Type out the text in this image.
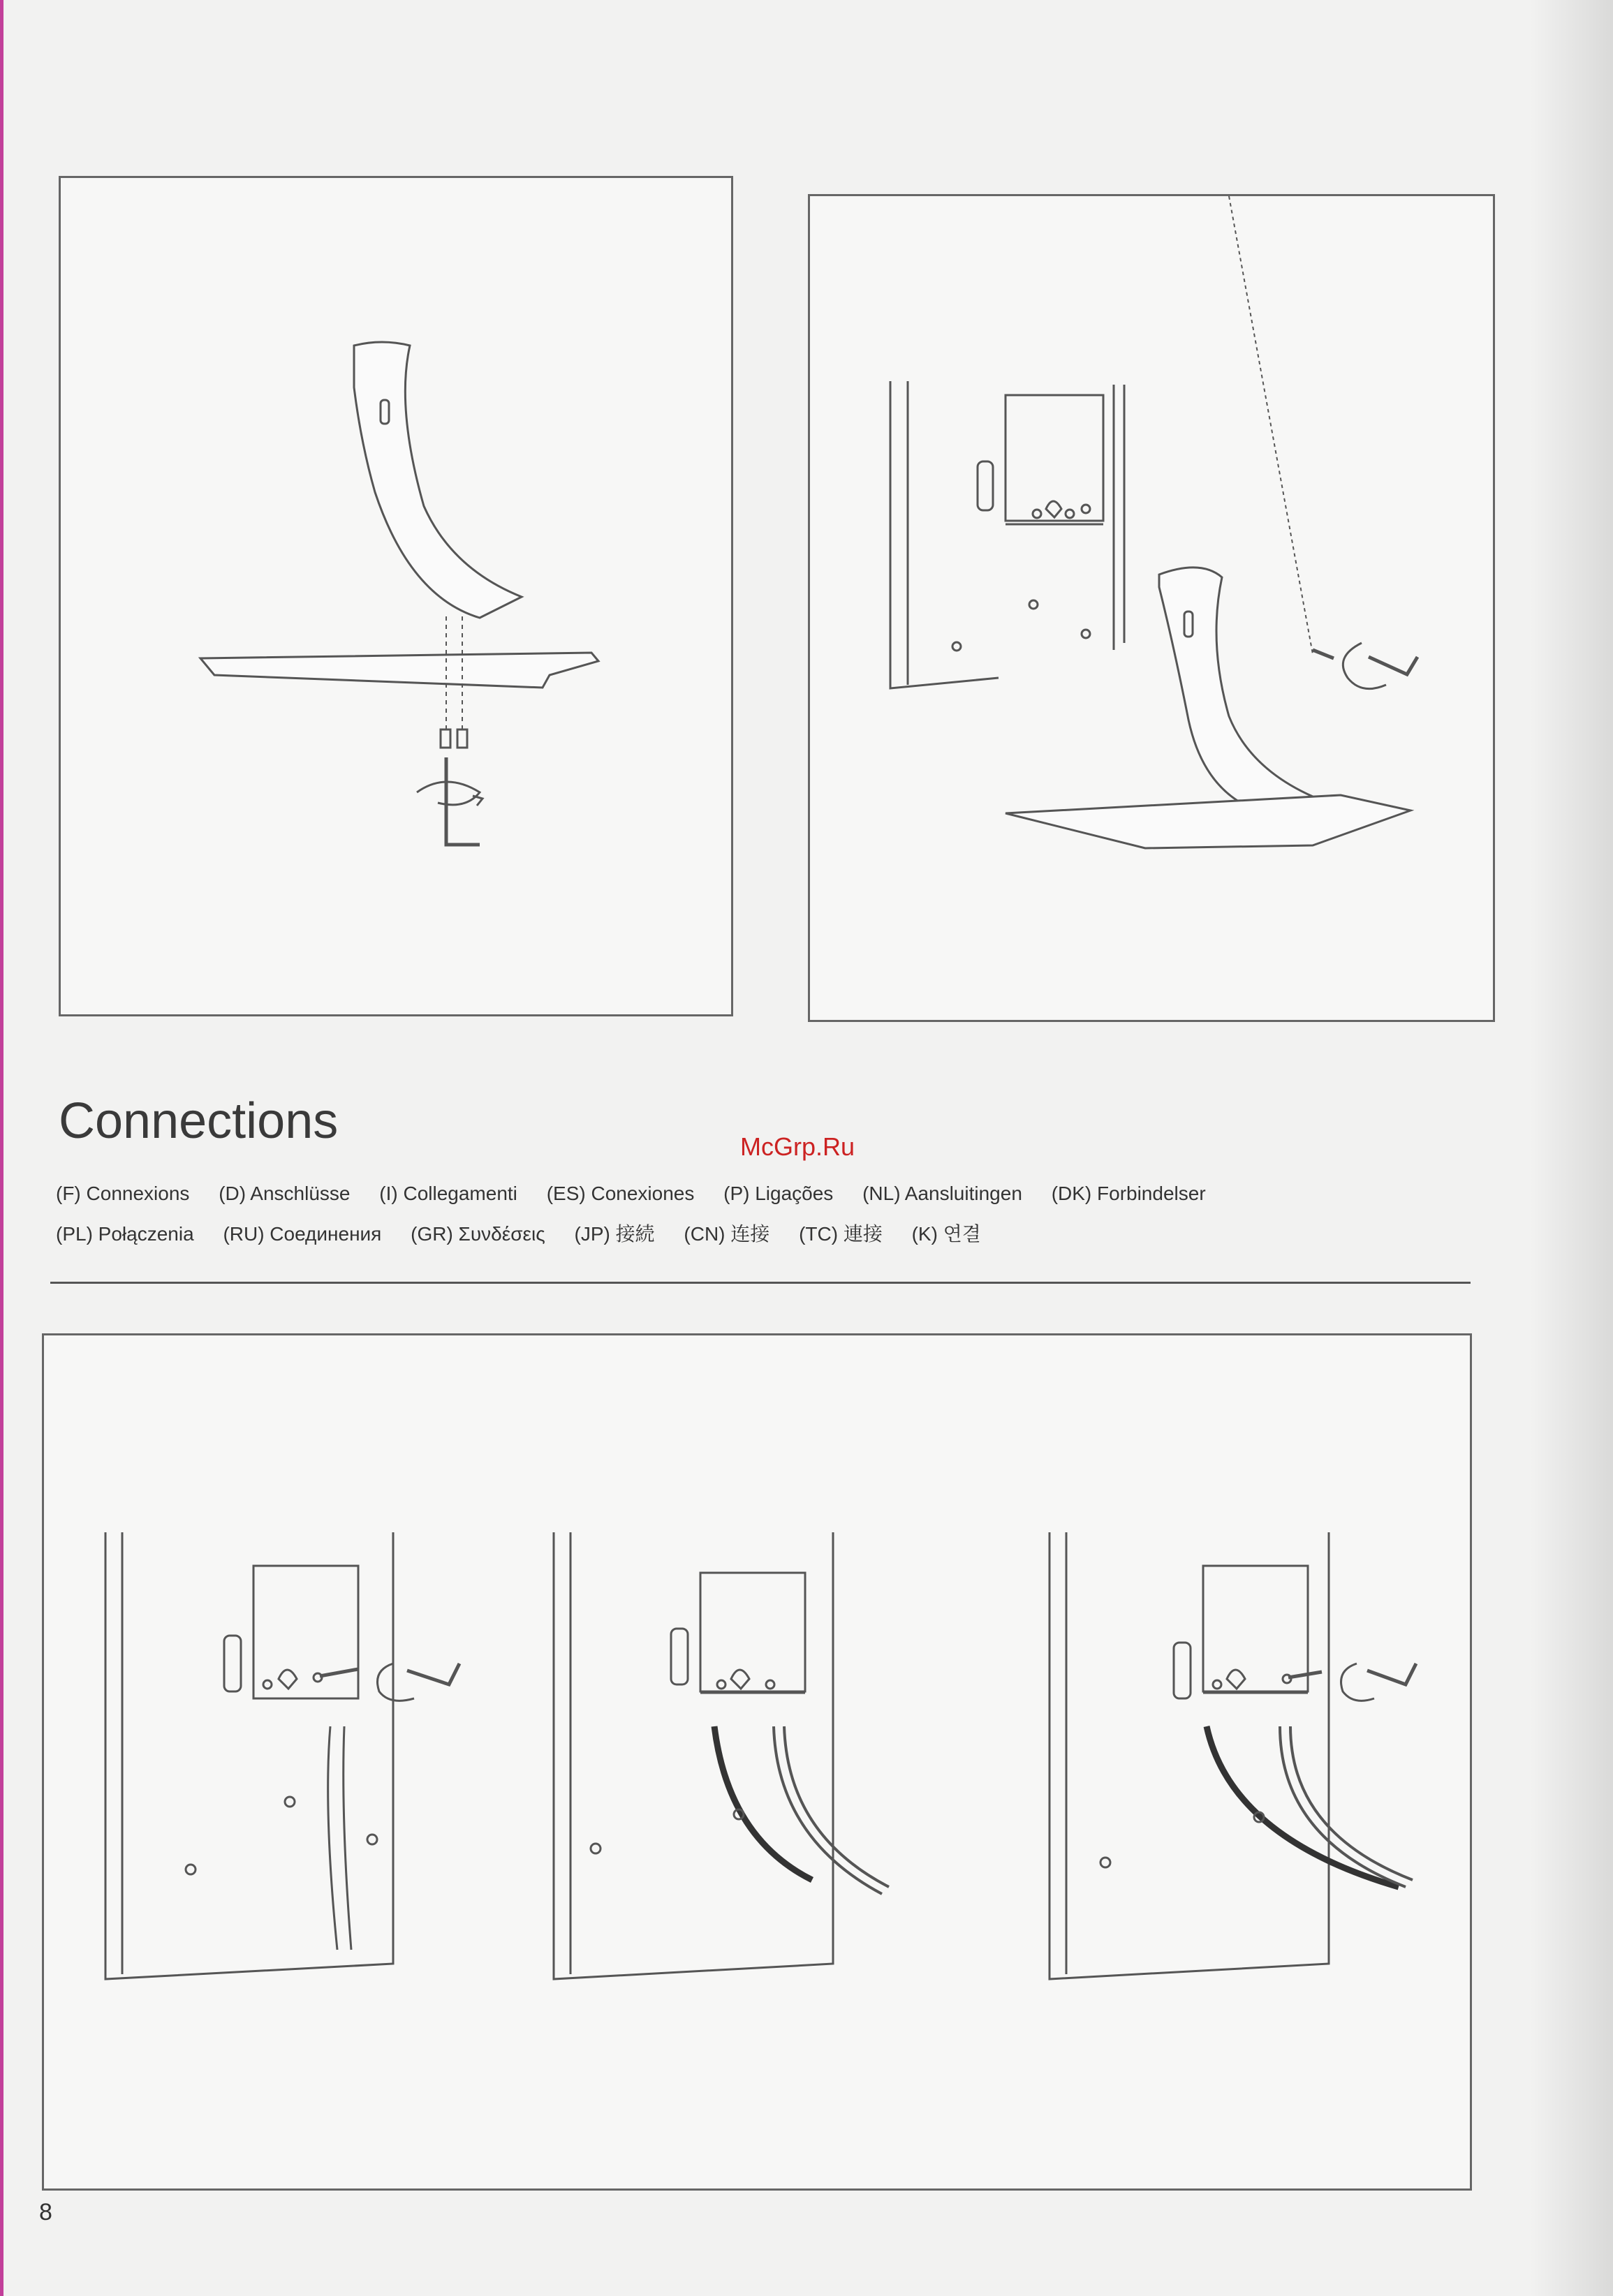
Connections	McGrp.Ru
(F) Connexions (D) Anschlüsse (I) Collegamenti (ES) Conexiones (P) Ligações (NL) Aansluitingen (DK) Forbindelser
(PL) Połączenia (RU) Соединения (GR) Συνδέσεις (JP) 接続 (CN) 连接 (TC) 連接 (K) 연결
8
